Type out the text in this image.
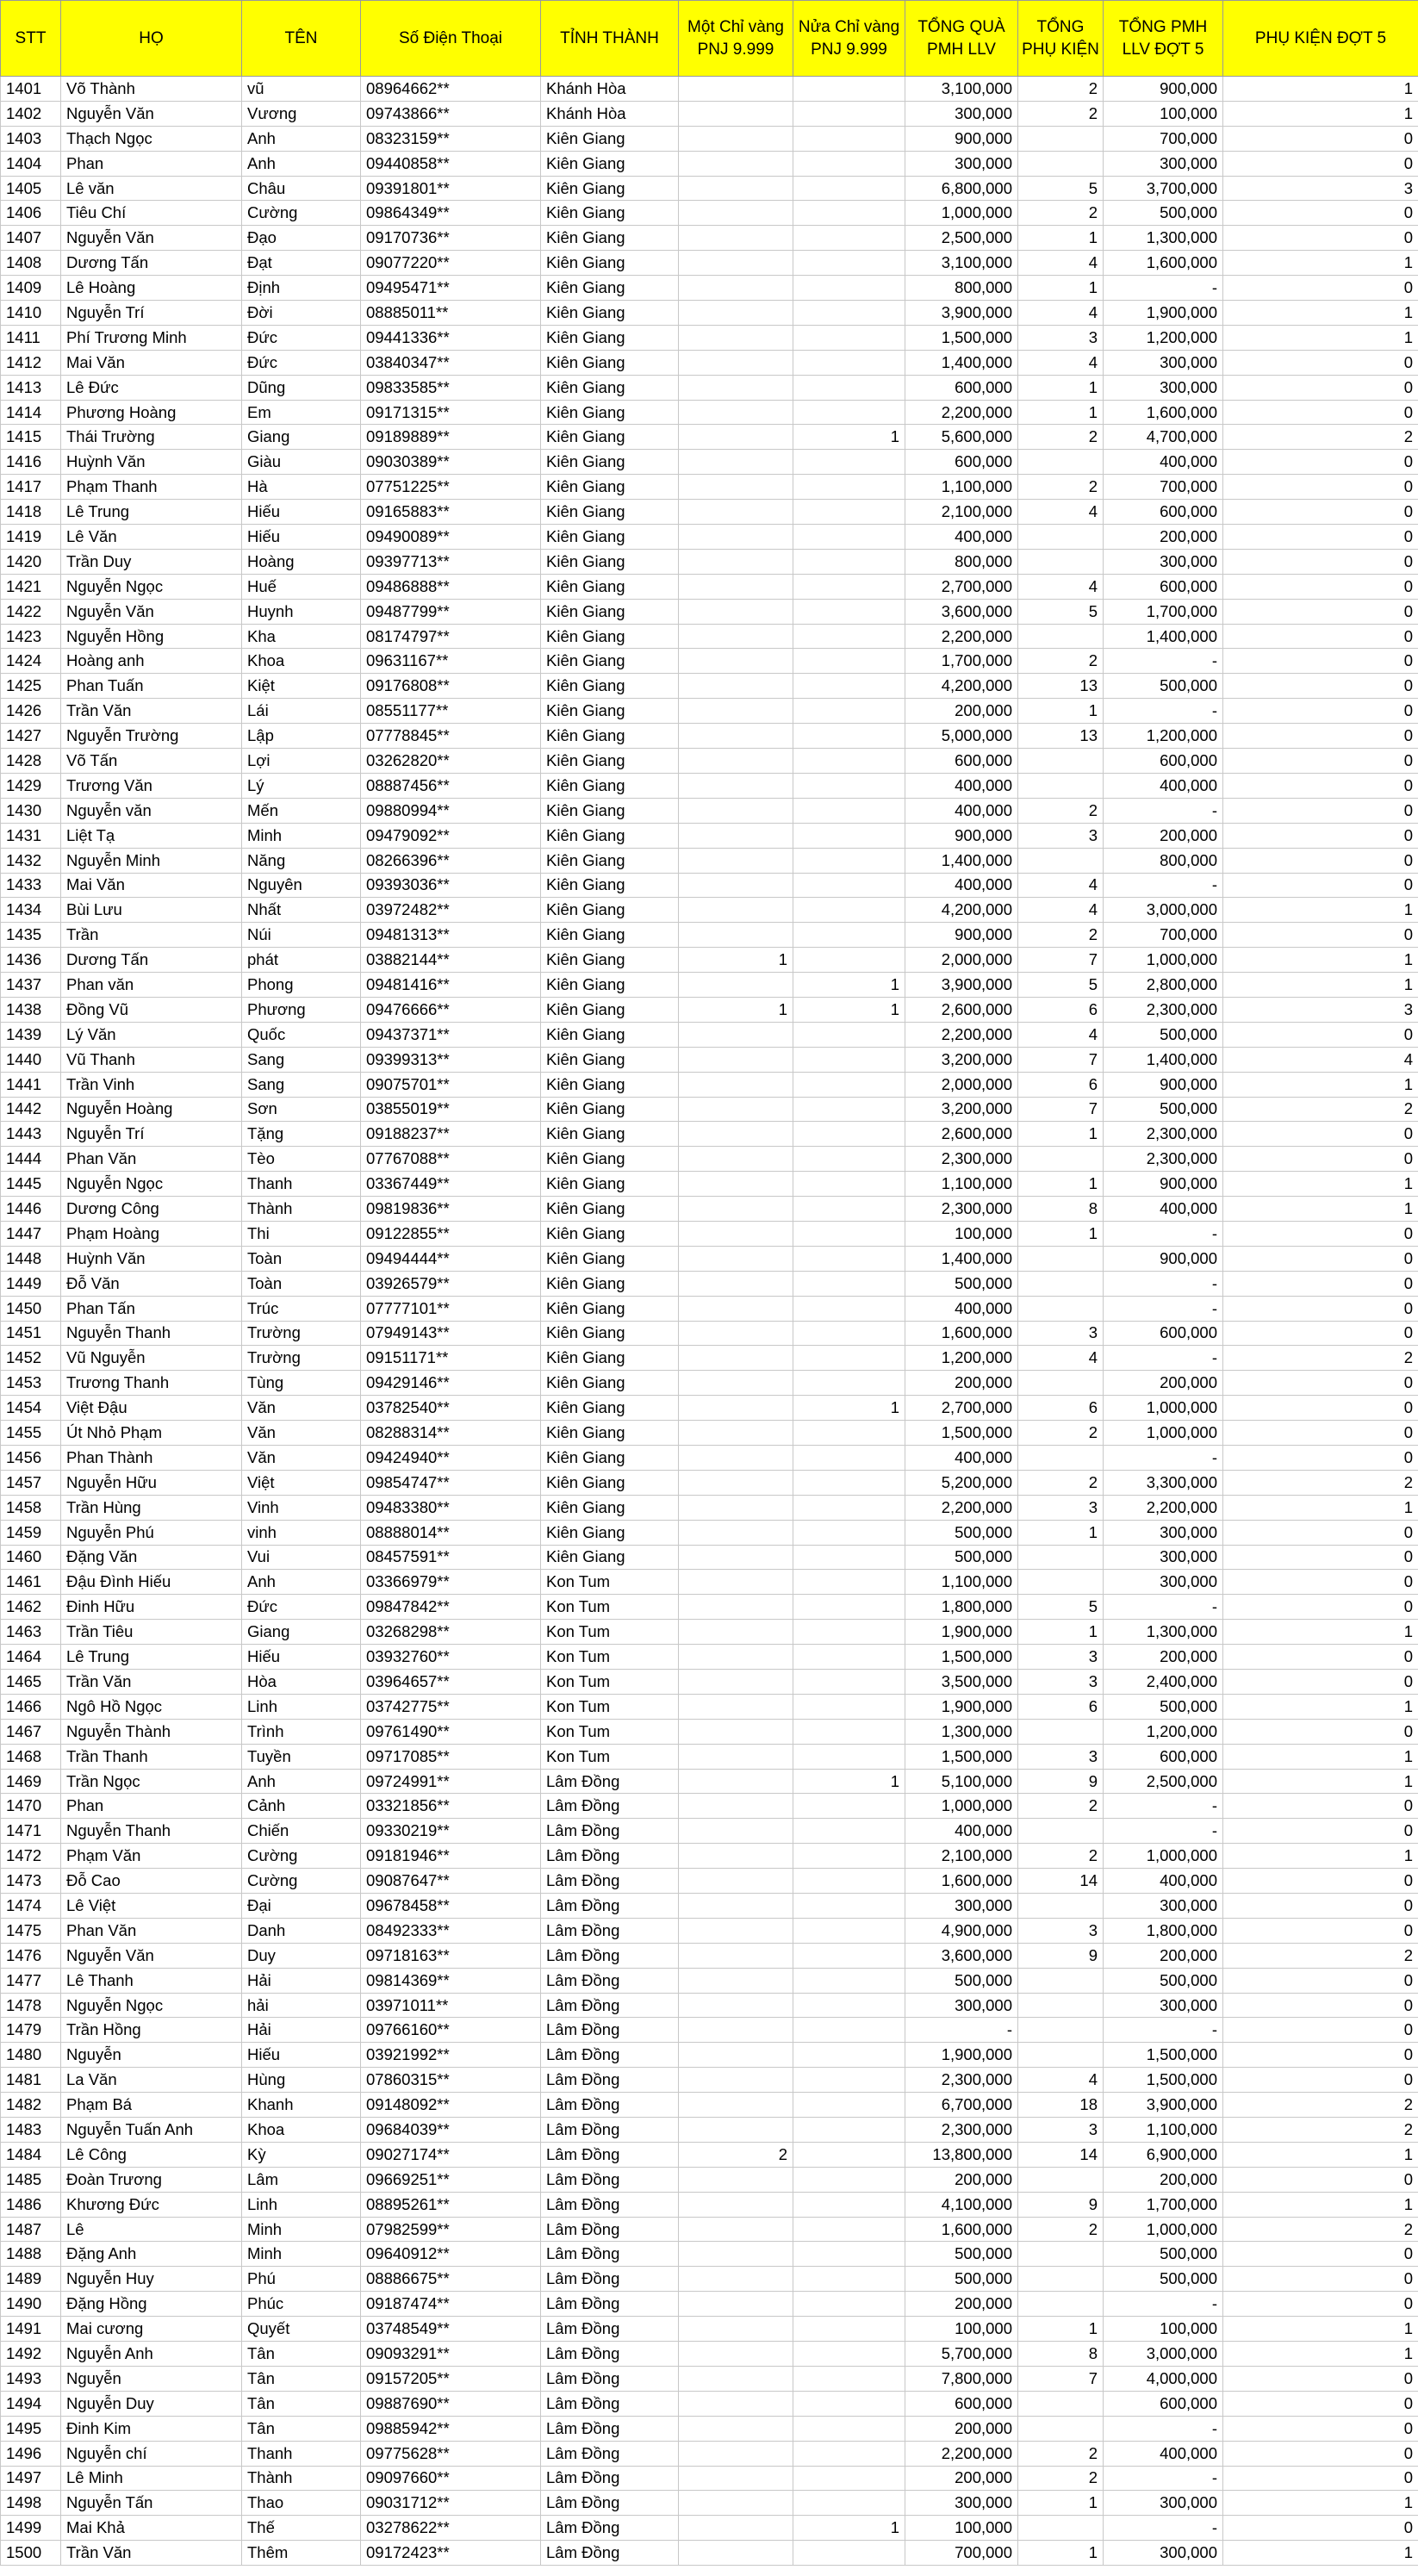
STT	HỌ	TÊN	Số Điện Thoại	TỈNH THÀNH	Một Chỉ vàng PNJ 9.999	Nửa Chỉ vàng PNJ 9.999	TỔNG QUÀ PMH LLV	TỔNG PHỤ KIỆN	TỔNG PMH LLV ĐỢT 5	PHỤ KIỆN ĐỢT 5
1401	Võ Thành	vũ	08964662**	Khánh Hòa			3,100,000	2	900,000	1
1402	Nguyễn Văn	Vương	09743866**	Khánh Hòa			300,000	2	100,000	1
1403	Thạch Ngọc	Anh	08323159**	Kiên Giang			900,000		700,000	0
1404	Phan	Anh	09440858**	Kiên Giang			300,000		300,000	0
1405	Lê văn	Châu	09391801**	Kiên Giang			6,800,000	5	3,700,000	3
1406	Tiêu Chí	Cường	09864349**	Kiên Giang			1,000,000	2	500,000	0
1407	Nguyễn Văn	Đạo	09170736**	Kiên Giang			2,500,000	1	1,300,000	0
1408	Dương Tấn	Đạt	09077220**	Kiên Giang			3,100,000	4	1,600,000	1
1409	Lê Hoàng	Định	09495471**	Kiên Giang			800,000	1	-	0
1410	Nguyễn Trí	Đời	08885011**	Kiên Giang			3,900,000	4	1,900,000	1
1411	Phí Trương Minh	Đức	09441336**	Kiên Giang			1,500,000	3	1,200,000	1
1412	Mai Văn	Đức	03840347**	Kiên Giang			1,400,000	4	300,000	0
1413	Lê Đức	Dũng	09833585**	Kiên Giang			600,000	1	300,000	0
1414	Phương Hoàng	Em	09171315**	Kiên Giang			2,200,000	1	1,600,000	0
1415	Thái Trường	Giang	09189889**	Kiên Giang		1	5,600,000	2	4,700,000	2
1416	Huỳnh Văn	Giàu	09030389**	Kiên Giang			600,000		400,000	0
1417	Phạm Thanh	Hà	07751225**	Kiên Giang			1,100,000	2	700,000	0
1418	Lê Trung	Hiếu	09165883**	Kiên Giang			2,100,000	4	600,000	0
1419	Lê Văn	Hiếu	09490089**	Kiên Giang			400,000		200,000	0
1420	Trần Duy	Hoàng	09397713**	Kiên Giang			800,000		300,000	0
1421	Nguyễn Ngọc	Huế	09486888**	Kiên Giang			2,700,000	4	600,000	0
1422	Nguyễn Văn	Huynh	09487799**	Kiên Giang			3,600,000	5	1,700,000	0
1423	Nguyễn Hồng	Kha	08174797**	Kiên Giang			2,200,000		1,400,000	0
1424	Hoàng anh	Khoa	09631167**	Kiên Giang			1,700,000	2	-	0
1425	Phan Tuấn	Kiệt	09176808**	Kiên Giang			4,200,000	13	500,000	0
1426	Trần Văn	Lái	08551177**	Kiên Giang			200,000	1	-	0
1427	Nguyễn Trường	Lập	07778845**	Kiên Giang			5,000,000	13	1,200,000	0
1428	Võ Tấn	Lợi	03262820**	Kiên Giang			600,000		600,000	0
1429	Trương Văn	Lý	08887456**	Kiên Giang			400,000		400,000	0
1430	Nguyễn văn	Mến	09880994**	Kiên Giang			400,000	2	-	0
1431	Liệt Tạ	Minh	09479092**	Kiên Giang			900,000	3	200,000	0
1432	Nguyễn Minh	Năng	08266396**	Kiên Giang			1,400,000		800,000	0
1433	Mai Văn	Nguyên	09393036**	Kiên Giang			400,000	4	-	0
1434	Bùi Lưu	Nhất	03972482**	Kiên Giang			4,200,000	4	3,000,000	1
1435	Trần	Núi	09481313**	Kiên Giang			900,000	2	700,000	0
1436	Dương Tấn	phát	03882144**	Kiên Giang	1		2,000,000	7	1,000,000	1
1437	Phan văn	Phong	09481416**	Kiên Giang		1	3,900,000	5	2,800,000	1
1438	Đồng Vũ	Phương	09476666**	Kiên Giang	1	1	2,600,000	6	2,300,000	3
1439	Lý Văn	Quốc	09437371**	Kiên Giang			2,200,000	4	500,000	0
1440	Vũ Thanh	Sang	09399313**	Kiên Giang			3,200,000	7	1,400,000	4
1441	Trần Vinh	Sang	09075701**	Kiên Giang			2,000,000	6	900,000	1
1442	Nguyễn Hoàng	Sơn	03855019**	Kiên Giang			3,200,000	7	500,000	2
1443	Nguyễn Trí	Tặng	09188237**	Kiên Giang			2,600,000	1	2,300,000	0
1444	Phan Văn	Tèo	07767088**	Kiên Giang			2,300,000		2,300,000	0
1445	Nguyễn Ngọc	Thanh	03367449**	Kiên Giang			1,100,000	1	900,000	1
1446	Dương Công	Thành	09819836**	Kiên Giang			2,300,000	8	400,000	1
1447	Phạm Hoàng	Thi	09122855**	Kiên Giang			100,000	1	-	0
1448	Huỳnh Văn	Toàn	09494444**	Kiên Giang			1,400,000		900,000	0
1449	Đỗ Văn	Toàn	03926579**	Kiên Giang			500,000		-	0
1450	Phan Tấn	Trúc	07777101**	Kiên Giang			400,000		-	0
1451	Nguyễn Thanh	Trường	07949143**	Kiên Giang			1,600,000	3	600,000	0
1452	Vũ Nguyễn	Trường	09151171**	Kiên Giang			1,200,000	4	-	2
1453	Trương Thanh	Tùng	09429146**	Kiên Giang			200,000		200,000	0
1454	Việt Đậu	Văn	03782540**	Kiên Giang		1	2,700,000	6	1,000,000	0
1455	Út Nhỏ Phạm	Văn	08288314**	Kiên Giang			1,500,000	2	1,000,000	0
1456	Phan Thành	Văn	09424940**	Kiên Giang			400,000		-	0
1457	Nguyễn Hữu	Việt	09854747**	Kiên Giang			5,200,000	2	3,300,000	2
1458	Trần Hùng	Vinh	09483380**	Kiên Giang			2,200,000	3	2,200,000	1
1459	Nguyễn Phú	vinh	08888014**	Kiên Giang			500,000	1	300,000	0
1460	Đặng Văn	Vui	08457591**	Kiên Giang			500,000		300,000	0
1461	Đậu Đình Hiếu	Anh	03366979**	Kon Tum			1,100,000		300,000	0
1462	Đinh Hữu	Đức	09847842**	Kon Tum			1,800,000	5	-	0
1463	Trần Tiêu	Giang	03268298**	Kon Tum			1,900,000	1	1,300,000	1
1464	Lê Trung	Hiếu	03932760**	Kon Tum			1,500,000	3	200,000	0
1465	Trần Văn	Hòa	03964657**	Kon Tum			3,500,000	3	2,400,000	0
1466	Ngô Hồ Ngọc	Linh	03742775**	Kon Tum			1,900,000	6	500,000	1
1467	Nguyễn Thành	Trình	09761490**	Kon Tum			1,300,000		1,200,000	0
1468	Trần Thanh	Tuyền	09717085**	Kon Tum			1,500,000	3	600,000	1
1469	Trần Ngọc	Anh	09724991**	Lâm Đồng		1	5,100,000	9	2,500,000	1
1470	Phan	Cảnh	03321856**	Lâm Đồng			1,000,000	2	-	0
1471	Nguyễn Thanh	Chiến	09330219**	Lâm Đồng			400,000		-	0
1472	Phạm Văn	Cường	09181946**	Lâm Đồng			2,100,000	2	1,000,000	1
1473	Đỗ Cao	Cường	09087647**	Lâm Đồng			1,600,000	14	400,000	0
1474	Lê Việt	Đại	09678458**	Lâm Đồng			300,000		300,000	0
1475	Phan Văn	Danh	08492333**	Lâm Đồng			4,900,000	3	1,800,000	0
1476	Nguyễn Văn	Duy	09718163**	Lâm Đồng			3,600,000	9	200,000	2
1477	Lê Thanh	Hải	09814369**	Lâm Đồng			500,000		500,000	0
1478	Nguyễn Ngọc	hải	03971011**	Lâm Đồng			300,000		300,000	0
1479	Trần Hồng	Hải	09766160**	Lâm Đồng			-		-	0
1480	Nguyễn	Hiếu	03921992**	Lâm Đồng			1,900,000		1,500,000	0
1481	La Văn	Hùng	07860315**	Lâm Đồng			2,300,000	4	1,500,000	0
1482	Phạm Bá	Khanh	09148092**	Lâm Đồng			6,700,000	18	3,900,000	2
1483	Nguyễn Tuấn Anh	Khoa	09684039**	Lâm Đồng			2,300,000	3	1,100,000	2
1484	Lê Công	Kỳ	09027174**	Lâm Đồng	2		13,800,000	14	6,900,000	1
1485	Đoàn Trương	Lâm	09669251**	Lâm Đồng			200,000		200,000	0
1486	Khương Đức	Linh	08895261**	Lâm Đồng			4,100,000	9	1,700,000	1
1487	Lê	Minh	07982599**	Lâm Đồng			1,600,000	2	1,000,000	2
1488	Đặng Anh	Minh	09640912**	Lâm Đồng			500,000		500,000	0
1489	Nguyễn Huy	Phú	08886675**	Lâm Đồng			500,000		500,000	0
1490	Đặng Hồng	Phúc	09187474**	Lâm Đồng			200,000		-	0
1491	Mai cương	Quyết	03748549**	Lâm Đồng			100,000	1	100,000	1
1492	Nguyễn Anh	Tân	09093291**	Lâm Đồng			5,700,000	8	3,000,000	1
1493	Nguyễn	Tân	09157205**	Lâm Đồng			7,800,000	7	4,000,000	0
1494	Nguyễn Duy	Tân	09887690**	Lâm Đồng			600,000		600,000	0
1495	Đinh Kim	Tân	09885942**	Lâm Đồng			200,000		-	0
1496	Nguyễn chí	Thanh	09775628**	Lâm Đồng			2,200,000	2	400,000	0
1497	Lê Minh	Thành	09097660**	Lâm Đồng			200,000	2	-	0
1498	Nguyễn Tấn	Thao	09031712**	Lâm Đồng			300,000	1	300,000	1
1499	Mai Khả	Thế	03278622**	Lâm Đồng		1	100,000		-	0
1500	Trần Văn	Thêm	09172423**	Lâm Đồng			700,000	1	300,000	1
